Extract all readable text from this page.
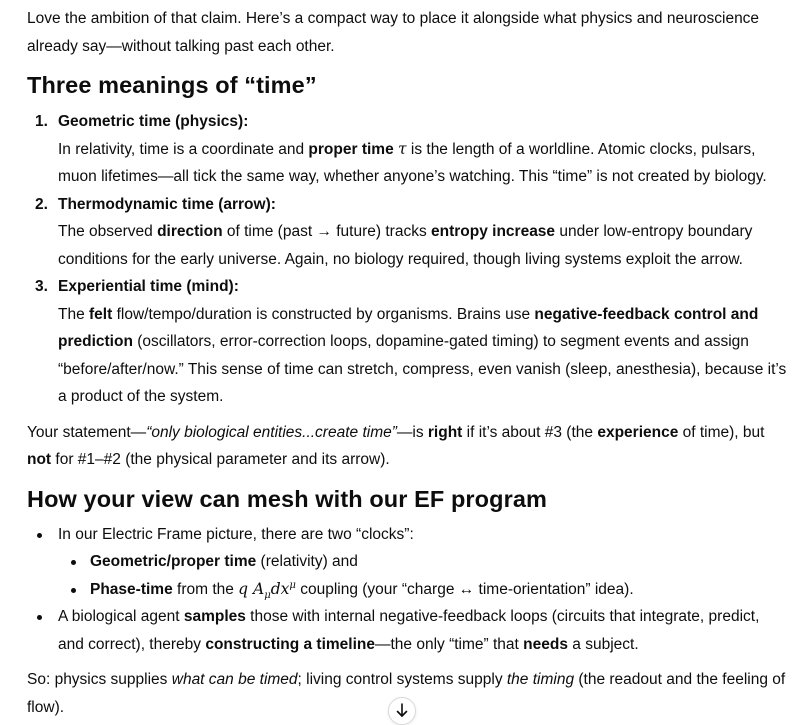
Love the ambition of that claim. Here’s a compact way to place it alongside what physics and neuroscience already say—without talking past each other.

Three meanings of “time”
1. Geometric time (physics):
In relativity, time is a coordinate and proper time τ is the length of a worldline. Atomic clocks, pulsars, muon lifetimes—all tick the same way, whether anyone’s watching. This “time” is not created by biology.
2. Thermodynamic time (arrow):
The observed direction of time (past → future) tracks entropy increase under low-entropy boundary conditions for the early universe. Again, no biology required, though living systems exploit the arrow.
3. Experiential time (mind):
The felt flow/tempo/duration is constructed by organisms. Brains use negative-feedback control and prediction (oscillators, error-correction loops, dopamine-gated timing) to segment events and assign “before/after/now.” This sense of time can stretch, compress, even vanish (sleep, anesthesia), because it’s a product of the system.

Your statement—“only biological entities...create time”—is right if it’s about #3 (the experience of time), but not for #1–#2 (the physical parameter and its arrow).

How your view can mesh with our EF program
In our Electric Frame picture, there are two “clocks”:
Geometric/proper time (relativity) and
Phase-time from the q $A_\mu dx^\mu$ coupling (your “charge ↔ time-orientation” idea).
A biological agent samples those with internal negative-feedback loops (circuits that integrate, predict, and correct), thereby constructing a timeline—the only “time” that needs a subject.

So: physics supplies what can be timed; living control systems supply the timing (the readout and the feeling of flow).
